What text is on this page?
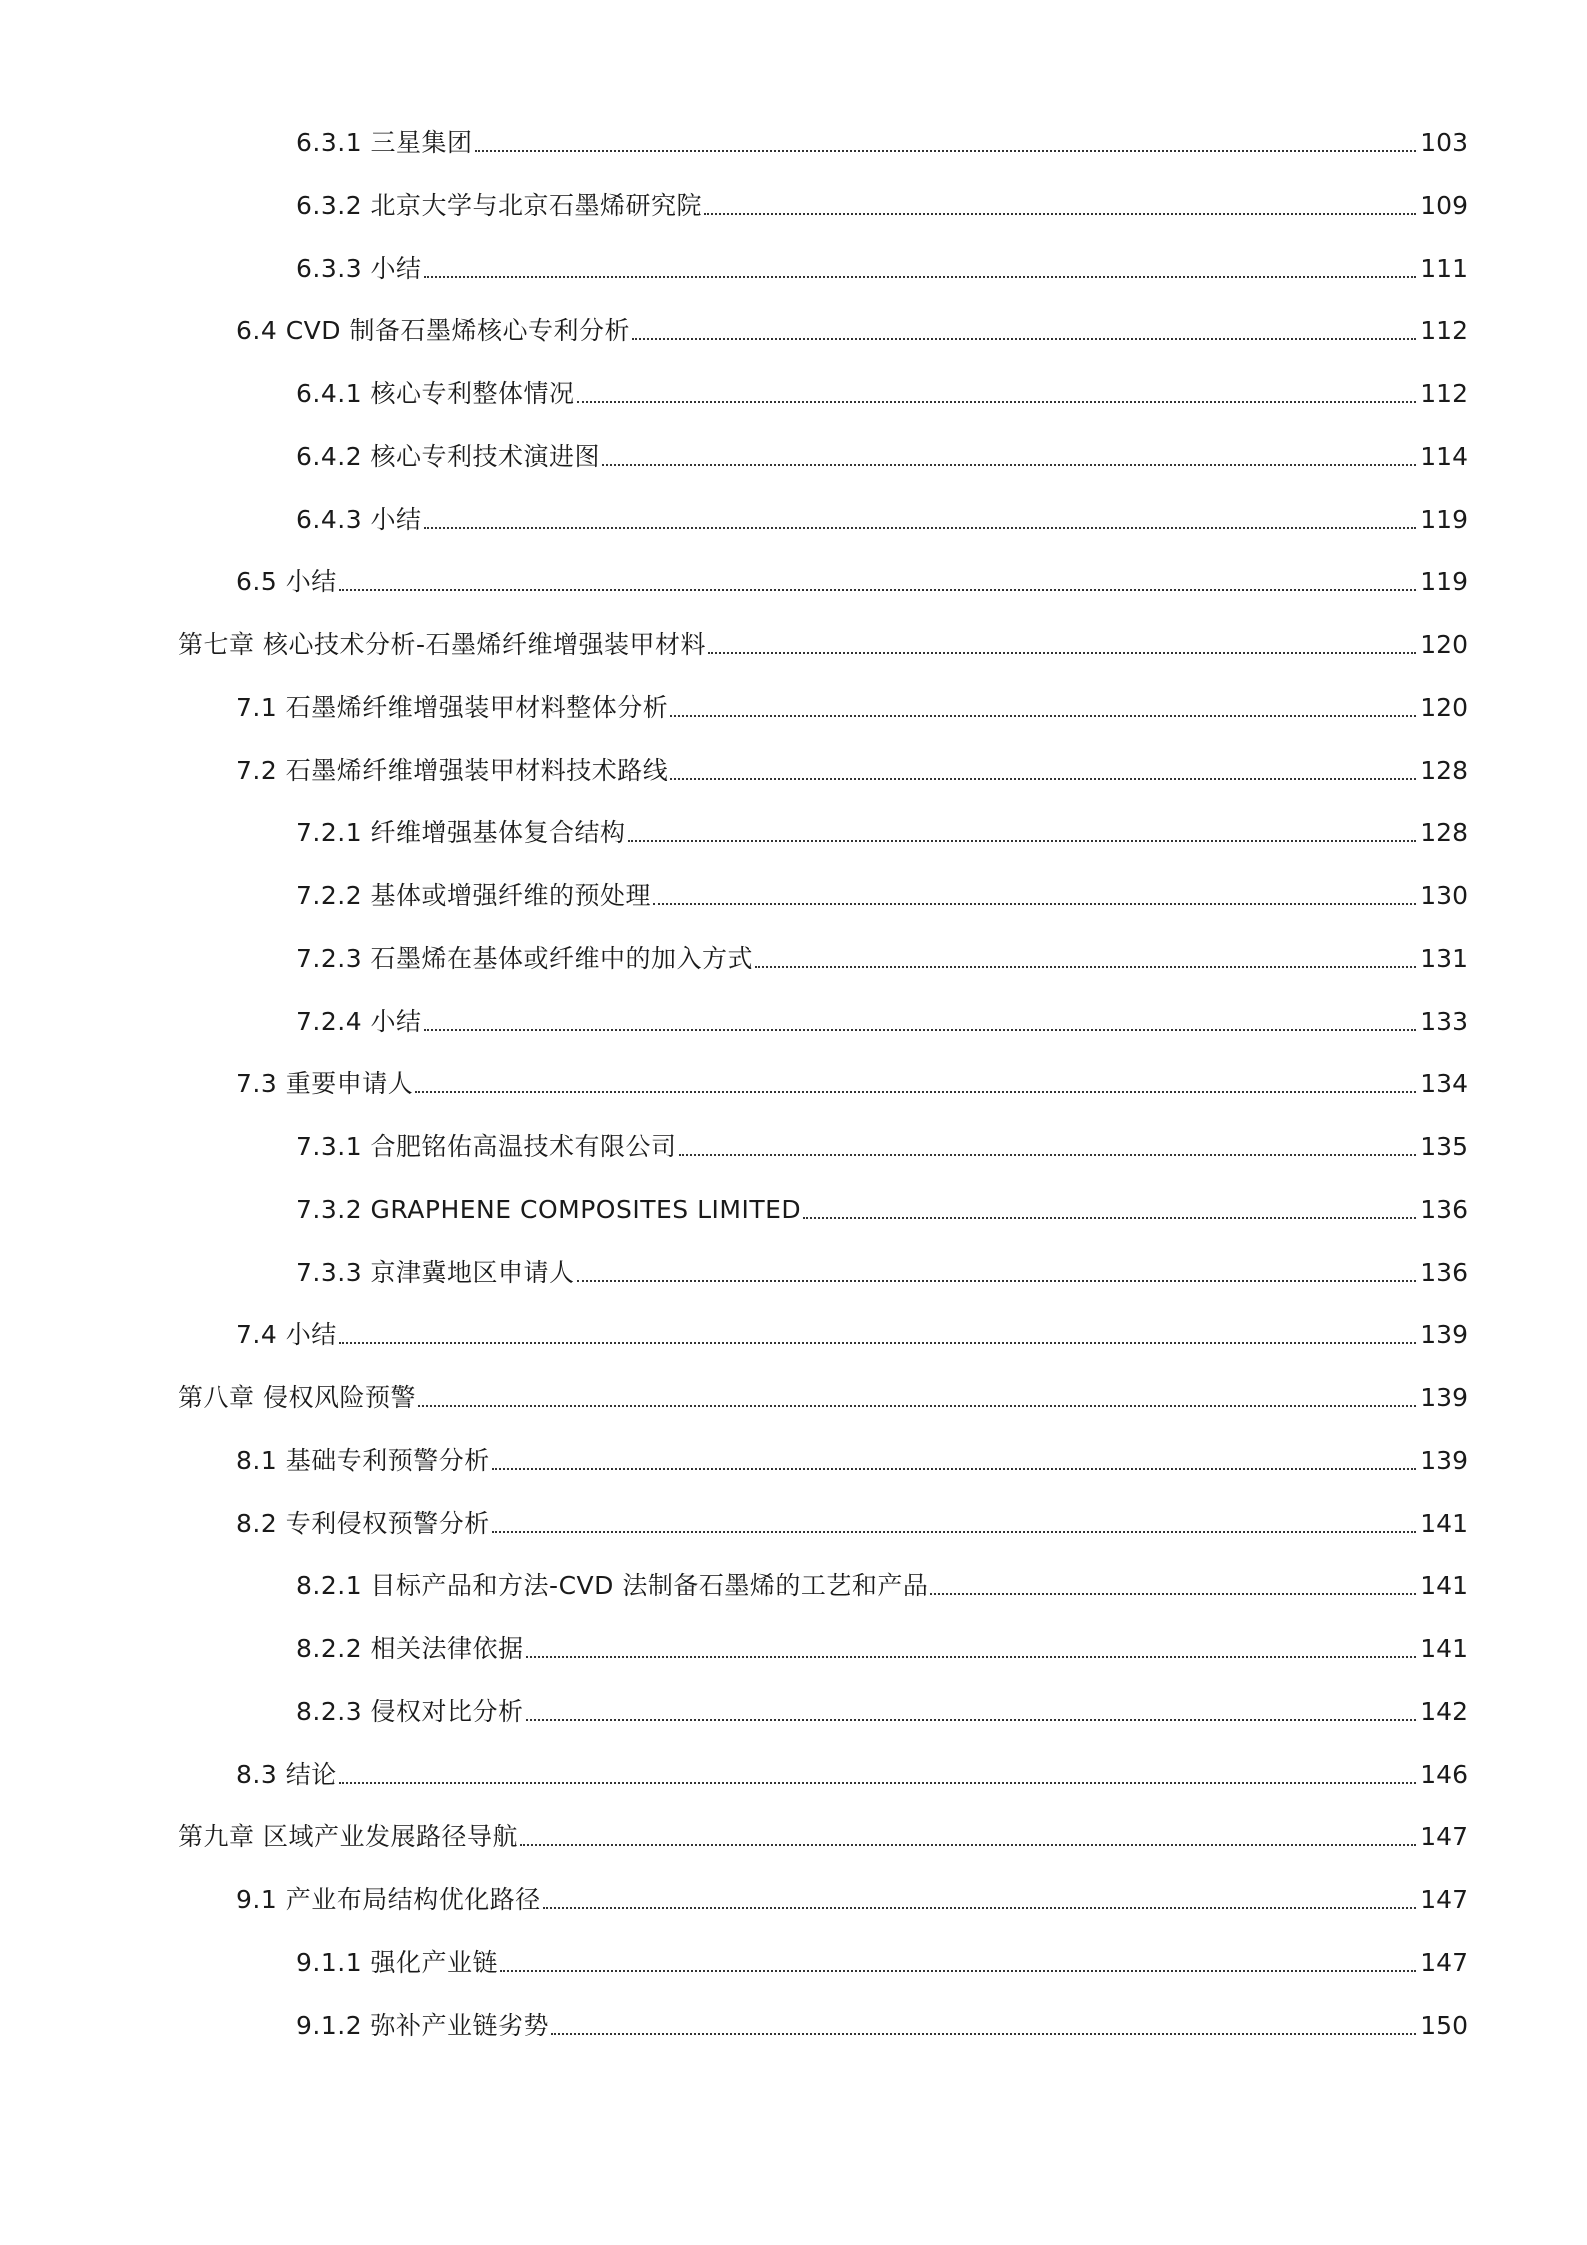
6.3.1 三星集团	103
6.3.2 北京大学与北京石墨烯研究院	109
6.3.3 小结	111
6.4 CVD 制备石墨烯核心专利分析	112
6.4.1 核心专利整体情况	112
6.4.2 核心专利技术演进图	114
6.4.3 小结	119
6.5 小结	119
第七章 核心技术分析-石墨烯纤维增强装甲材料	120
7.1 石墨烯纤维增强装甲材料整体分析	120
7.2 石墨烯纤维增强装甲材料技术路线	128
7.2.1 纤维增强基体复合结构	128
7.2.2 基体或增强纤维的预处理	130
7.2.3 石墨烯在基体或纤维中的加入方式	131
7.2.4 小结	133
7.3 重要申请人	134
7.3.1 合肥铭佑高温技术有限公司	135
7.3.2 GRAPHENE COMPOSITES LIMITED	136
7.3.3 京津冀地区申请人	136
7.4 小结	139
第八章 侵权风险预警	139
8.1 基础专利预警分析	139
8.2 专利侵权预警分析	141
8.2.1 目标产品和方法-CVD 法制备石墨烯的工艺和产品	141
8.2.2 相关法律依据	141
8.2.3 侵权对比分析	142
8.3 结论	146
第九章 区域产业发展路径导航	147
9.1 产业布局结构优化路径	147
9.1.1 强化产业链	147
9.1.2 弥补产业链劣势	150
